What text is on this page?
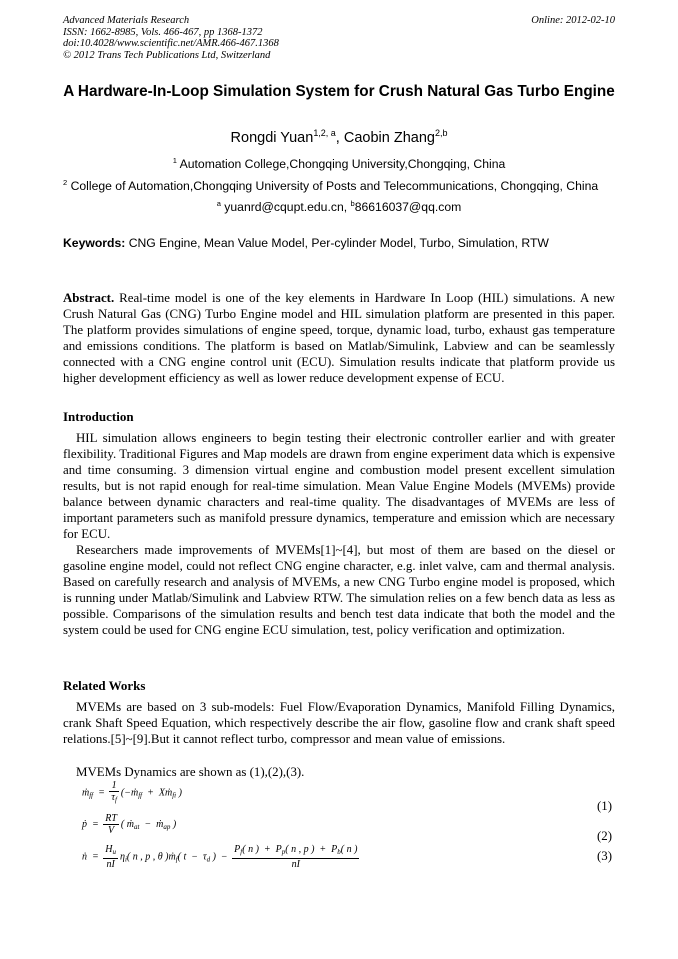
Advanced Materials Research
ISSN: 1662-8985, Vols. 466-467, pp 1368-1372
doi:10.4028/www.scientific.net/AMR.466-467.1368
© 2012 Trans Tech Publications Ltd, Switzerland
Online: 2012-02-10
A Hardware-In-Loop Simulation System for Crush Natural Gas Turbo Engine
Rongdi Yuan$^{1,2, a}$, Caobin Zhang$^{2,b}$
$^1$ Automation College,Chongqing University,Chongqing, China
$^2$ College of Automation,Chongqing University of Posts and Telecommunications, Chongqing, China
$^a$ yuanrd@cqupt.edu.cn, $^b$86616037@qq.com
Keywords: CNG Engine, Mean Value Model, Per-cylinder Model, Turbo, Simulation, RTW

Abstract. Real-time model is one of the key elements in Hardware In Loop (HIL) simulations. A new Crush Natural Gas (CNG) Turbo Engine model and HIL simulation platform are presented in this paper. The platform provides simulations of engine speed, torque, dynamic load, turbo, exhaust gas temperature and emissions conditions. The platform is based on Matlab/Simulink, Labview and can be seamlessly connected with a CNG engine control unit (ECU). Simulation results indicate that platform provide us higher development efficiency as well as lower reduce development expense of ECU.

Introduction

HIL simulation allows engineers to begin testing their electronic controller earlier and with greater flexibility. Traditional Figures and Map models are drawn from engine experiment data which is expensive and time consuming. 3 dimension virtual engine and combustion model present excellent simulation results, but is not rapid enough for real-time simulation. Mean Value Engine Models (MVEMs) provide balance between dynamic characters and real-time quality. The disadvantages of MVEMs are less of important parameters such as manifold pressure dynamics, temperature and emission which are necessary for ECU.

Researchers made improvements of MVEMs[1]~[4], but most of them are based on the diesel or gasoline engine model, could not reflect CNG engine character, e.g. inlet valve, cam and thermal analysis. Based on carefully research and analysis of MVEMs, a new CNG Turbo engine model is proposed, which is running under Matlab/Simulink and Labview RTW. The simulation relies on a few bench data as less as possible. Comparisons of the simulation results and bench test data indicate that both the model and the system could be used for CNG engine ECU simulation, test, policy verification and optimization.

Related Works

MVEMs are based on 3 sub-models: Fuel Flow/Evaporation Dynamics, Manifold Filling Dynamics, crank Shaft Speed Equation, which respectively describe the air flow, gasoline flow and crank shaft speed relations.[5]~[9].But it cannot reflect turbo, compressor and mean value of emissions.

MVEMs Dynamics are shown as (1),(2),(3).

ṁ$_{ff}$  = $\frac{1}{\tau_f}$ (−ṁ$_{ff}$  +  Xṁ$_{fi}$ )
(1)
ṗ  = $\frac{RT}{V}$ ( ṁ$_{at}$  −  ṁ$_{ap}$ )
(2)
ṅ  = $\frac{H_u}{nI} \eta_i$( n , p , θ )ṁ$_f$( $t - \tau_d$ )  − $\frac{P_f( n ) + P_p( n , p ) + P_b( n )}{nI}$	(3)
